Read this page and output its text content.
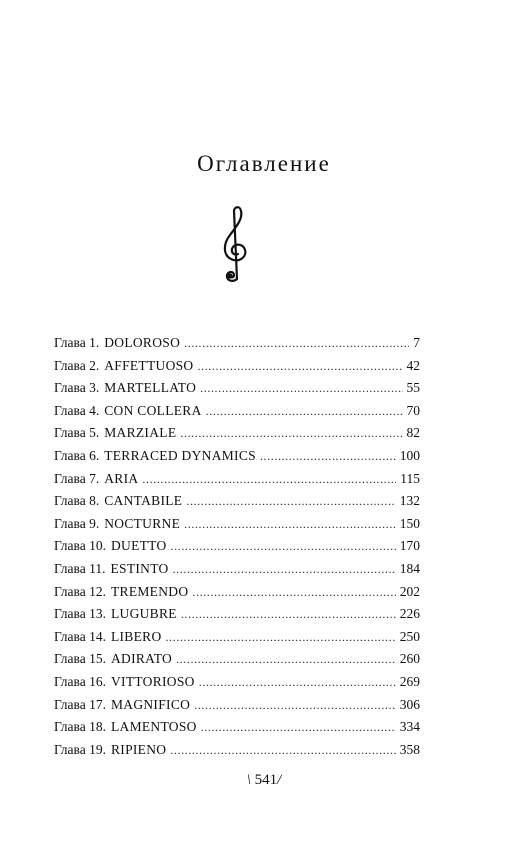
Оглавление
Глава 1. DOLOROSO . . .	7
Глава 2. AFFETTUOSO . . .	42
Глава 3. MARTELLATO . . .	55
Глава 4. CON COLLERA . . .	70
Глава 5. MARZIALE . . .	82
Глава 6. TERRACED DYNAMICS . . .	100
Глава 7. ARIA . . .	115
Глава 8. CANTABILE . . .	132
Глава 9. NOCTURNE . . .	150
Глава 10. DUETTO . . .	170
Глава 11. ESTINTO . . .	184
Глава 12. TREMENDO . . .	202
Глава 13. LUGUBRE . . .	226
Глава 14. LIBERO . . .	250
Глава 15. ADIRATO . . .	260
Глава 16. VITTORIOSO . . .	269
Глава 17. MAGNIFICO . . .	306
Глава 18. LAMENTOSO . . .	334
Глава 19. RIPIENO . . .	358
\ 541/
